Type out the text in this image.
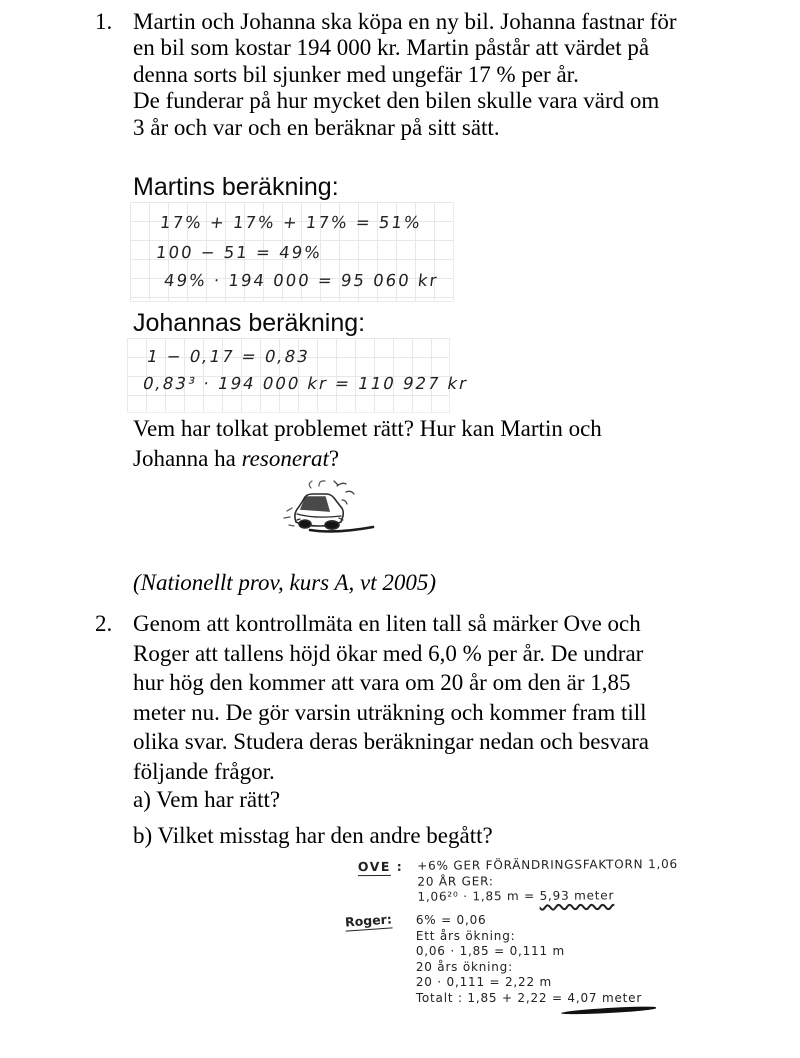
1. Martin och Johanna ska köpa en ny bil. Johanna fastnar för
en bil som kostar 194 000 kr. Martin påstår att värdet på
denna sorts bil sjunker med ungefär 17 % per år.
De funderar på hur mycket den bilen skulle vara värd om
3 år och var och en beräknar på sitt sätt.
Martins beräkning:
17% + 17% + 17% = 51%
100 − 51 = 49%
49% · 194 000 = 95 060 kr
Johannas beräkning:
1 − 0,17 = 0,83
0,83³ · 194 000 kr = 110 927 kr
Vem har tolkat problemet rätt? Hur kan Martin och
Johanna ha resonerat?
(Nationellt prov, kurs A, vt 2005)
2. Genom att kontrollmäta en liten tall så märker Ove och
Roger att tallens höjd ökar med 6,0 % per år. De undrar
hur hög den kommer att vara om 20 år om den är 1,85
meter nu. De gör varsin uträkning och kommer fram till
olika svar. Studera deras beräkningar nedan och besvara
följande frågor.
a) Vem har rätt?
b) Vilket misstag har den andre begått?
OVE : +6% GER FÖRÄNDRINGSFAKTORN 1,06
20 ÅR GER:
1,06²⁰ · 1,85 m = 5,93 meter
Roger: 6% = 0,06
Ett års ökning:
0,06 · 1,85 = 0,111 m
20 års ökning:
20 · 0,111 = 2,22 m
Totalt : 1,85 + 2,22 = 4,07 meter
